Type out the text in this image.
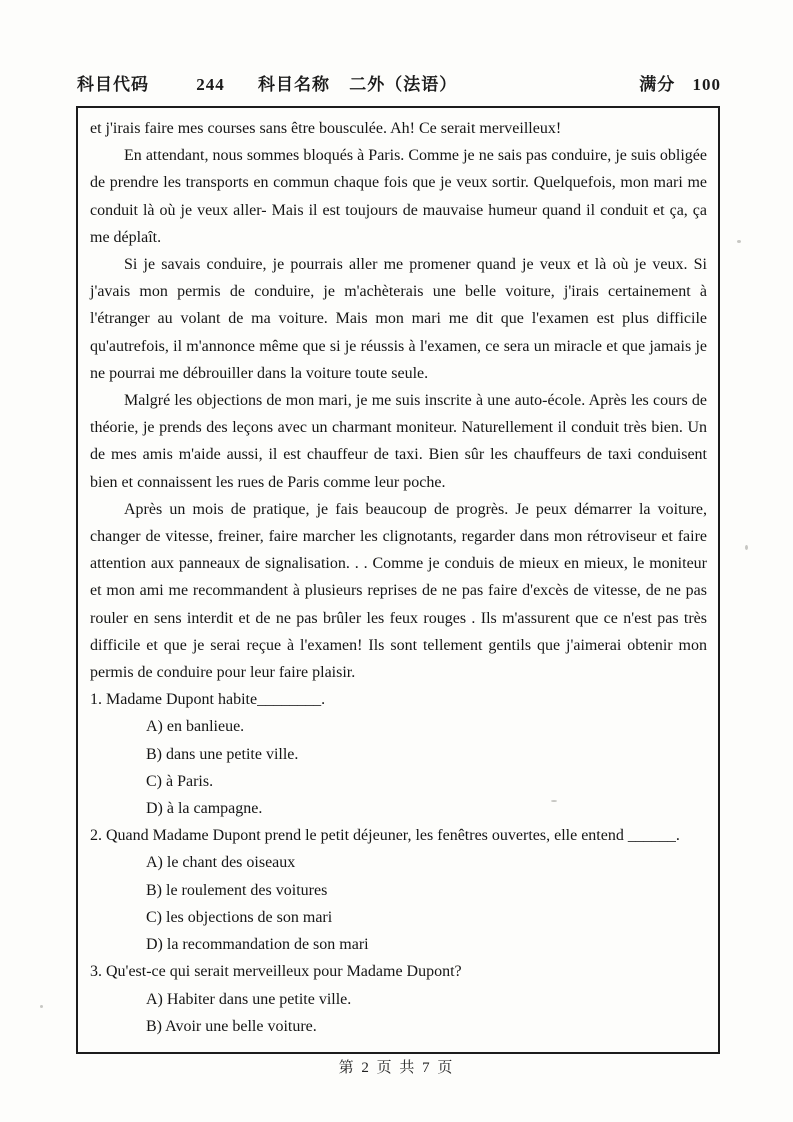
科目代码	244 科目名称 二外（法语）	满分 100

et j'irais faire mes courses sans être bousculée. Ah! Ce serait merveilleux!

En attendant, nous sommes bloqués à Paris. Comme je ne sais pas conduire, je suis obligée de prendre les transports en commun chaque fois que je veux sortir. Quelquefois, mon mari me conduit là où je veux aller- Mais il est toujours de mauvaise humeur quand il conduit et ça, ça me déplaît.

Si je savais conduire, je pourrais aller me promener quand je veux et là où je veux. Si j'avais mon permis de conduire, je m'achèterais une belle voiture, j'irais certainement à l'étranger au volant de ma voiture. Mais mon mari me dit que l'examen est plus difficile qu'autrefois, il m'annonce même que si je réussis à l'examen, ce sera un miracle et que jamais je ne pourrai me débrouiller dans la voiture toute seule.

Malgré les objections de mon mari, je me suis inscrite à une auto-école. Après les cours de théorie, je prends des leçons avec un charmant moniteur. Naturellement il conduit très bien. Un de mes amis m'aide aussi, il est chauffeur de taxi. Bien sûr les chauffeurs de taxi conduisent bien et connaissent les rues de Paris comme leur poche.

Après un mois de pratique, je fais beaucoup de progrès. Je peux démarrer la voiture, changer de vitesse, freiner, faire marcher les clignotants, regarder dans mon rétroviseur et faire attention aux panneaux de signalisation. . . Comme je conduis de mieux en mieux, le moniteur et mon ami me recommandent à plusieurs reprises de ne pas faire d'excès de vitesse, de ne pas rouler en sens interdit et de ne pas brûler les feux rouges . Ils m'assurent que ce n'est pas très difficile et que je serai reçue à l'examen! Ils sont tellement gentils que j'aimerai obtenir mon permis de conduire pour leur faire plaisir.

1. Madame Dupont habite________.

A) en banlieue.

B) dans une petite ville.

C) à Paris.

D) à la campagne.

2. Quand Madame Dupont prend le petit déjeuner, les fenêtres ouvertes, elle entend ______.

A) le chant des oiseaux

B) le roulement des voitures

C) les objections de son mari

D) la recommandation de son mari

3. Qu'est-ce qui serait merveilleux pour Madame Dupont?

A) Habiter dans une petite ville.

B) Avoir une belle voiture.

第 2 页 共 7 页
